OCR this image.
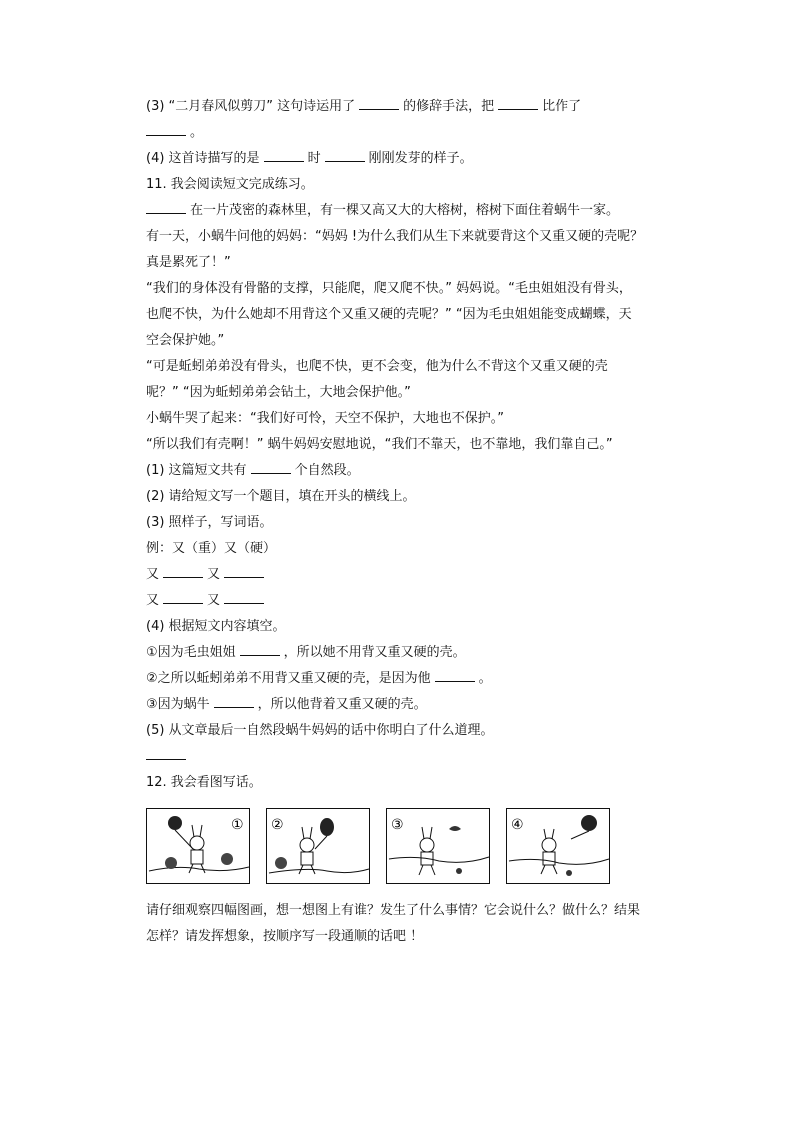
(3) “二月春风似剪刀” 这句诗运用了	的修辞手法，把	比作了
。
(4) 这首诗描写的是	时	刚刚发芽的样子。
11. 我会阅读短文完成练习。
在一片茂密的森林里，有一棵又高又大的大榕树，榕树下面住着蜗牛一家。
有一天，小蜗牛问他的妈妈：“妈妈 !为什么我们从生下来就要背这个又重又硬的壳呢？
真是累死了！”
“我们的身体没有骨骼的支撑，只能爬，爬又爬不快。” 妈妈说。“毛虫姐姐没有骨头，
也爬不快，为什么她却不用背这个又重又硬的壳呢？” “因为毛虫姐姐能变成蝴蝶，天
空会保护她。”
“可是蚯蚓弟弟没有骨头，也爬不快，更不会变，他为什么不背这个又重又硬的壳
呢？” “因为蚯蚓弟弟会钻土，大地会保护他。”
小蜗牛哭了起来：“我们好可怜，天空不保护，大地也不保护。”
“所以我们有壳啊！” 蜗牛妈妈安慰地说，“我们不靠天，也不靠地，我们靠自己。”
(1) 这篇短文共有	个自然段。
(2) 请给短文写一个题目，填在开头的横线上。
(3) 照样子，写词语。
例：又（重）又（硬）
又	又
又	又
(4) 根据短文内容填空。
①因为毛虫姐姐	，所以她不用背又重又硬的壳。
②之所以蚯蚓弟弟不用背又重又硬的壳，是因为他	。
③因为蜗牛	，所以他背着又重又硬的壳。
(5) 从文章最后一自然段蜗牛妈妈的话中你明白了什么道理。
12. 我会看图写话。
① ②	③	④
请仔细观察四幅图画，想一想图上有谁？发生了什么事情？它会说什么？做什么？结果
怎样？请发挥想象，按顺序写一段通顺的话吧 ！
